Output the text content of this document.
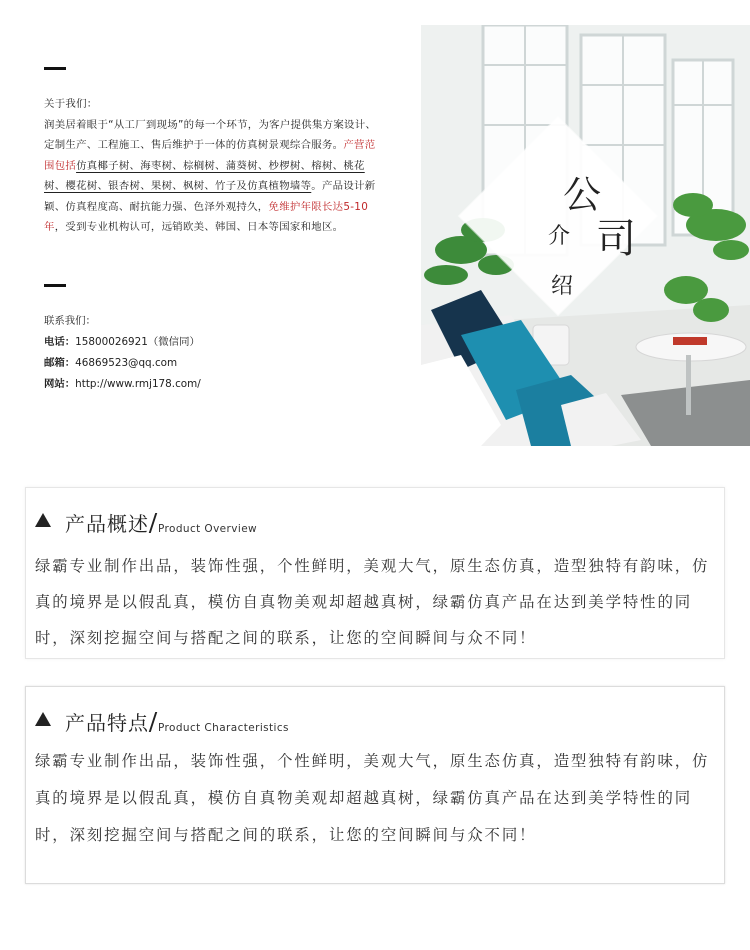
关于我们：

润美居着眼于“从工厂到现场”的每一个环节，为客户提供集方案设计、定制生产、工程施工、售后维护于一体的仿真树景观综合服务。产营范围包括仿真椰子树、海枣树、棕榈树、蒲葵树、杪椤树、榕树、桃花树、樱花树、银杏树、果树、枫树、竹子及仿真植物墙等。产品设计新颖、仿真程度高、耐抗能力强、色泽外观持久，免维护年限长达5-10年，受到专业机构认可，远销欧美、韩国、日本等国家和地区。

联系我们：
电话：15800026921（微信同）
邮箱：46869523@qq.com
网站：http://www.rmj178.com/
公
司
介
绍
产品概述 Product Overview
绿霸专业制作出品，装饰性强，个性鲜明，美观大气，原生态仿真，造型独特有韵味，仿真的境界是以假乱真，模仿自真物美观却超越真树，绿霸仿真产品在达到美学特性的同时，深刻挖掘空间与搭配之间的联系，让您的空间瞬间与众不同！
产品特点 Product Characteristics
绿霸专业制作出品，装饰性强，个性鲜明，美观大气，原生态仿真，造型独特有韵味，仿真的境界是以假乱真，模仿自真物美观却超越真树，绿霸仿真产品在达到美学特性的同时，深刻挖掘空间与搭配之间的联系，让您的空间瞬间与众不同！
